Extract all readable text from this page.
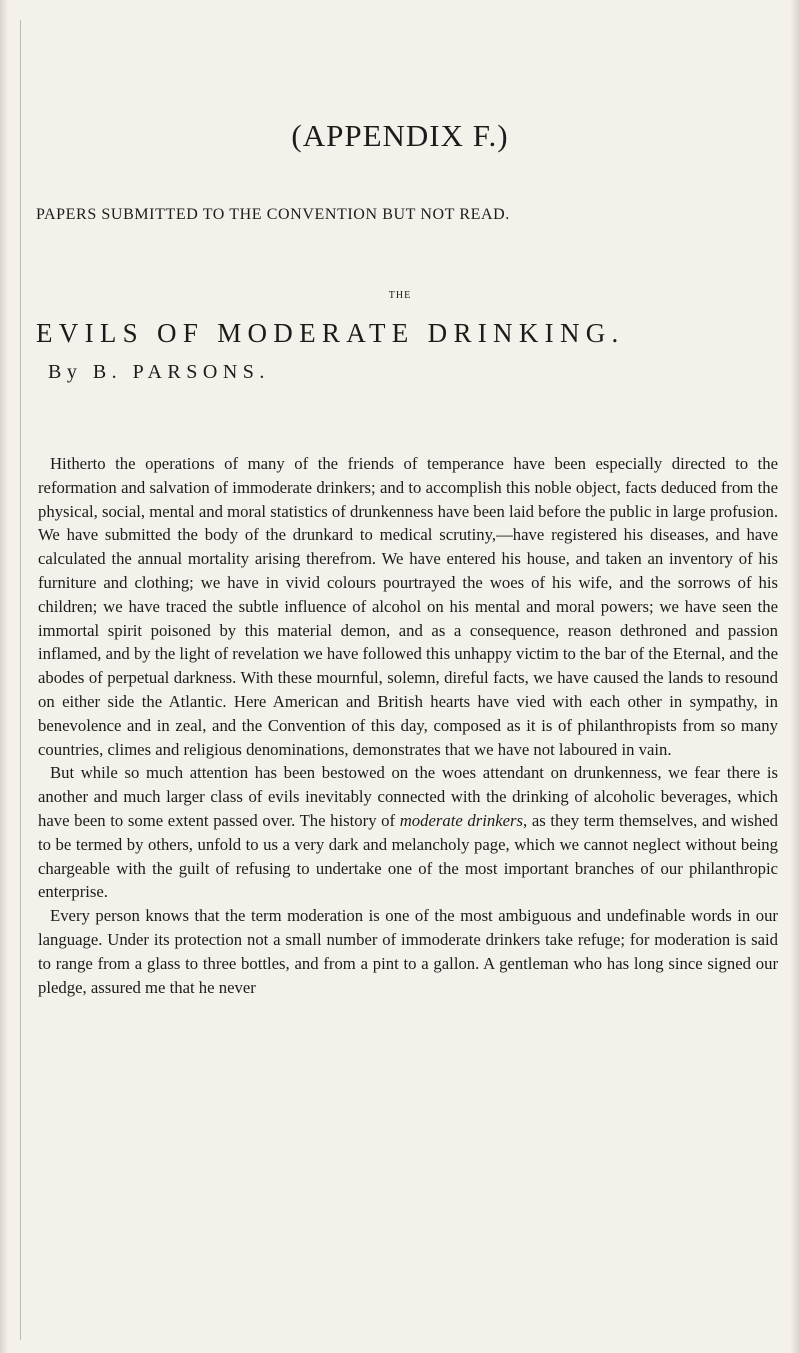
(APPENDIX F.)
PAPERS SUBMITTED TO THE CONVENTION BUT NOT READ.
THE
EVILS OF MODERATE DRINKING.
By B. PARSONS.

Hitherto the operations of many of the friends of temperance have been especially directed to the reformation and salvation of immoderate drinkers; and to accomplish this noble object, facts deduced from the physical, social, mental and moral statistics of drunkenness have been laid before the public in large profusion. We have submitted the body of the drunkard to medical scrutiny,—have registered his diseases, and have calculated the annual mortality arising therefrom. We have entered his house, and taken an inventory of his furniture and clothing; we have in vivid colours pourtrayed the woes of his wife, and the sorrows of his children; we have traced the subtle influence of alcohol on his mental and moral powers; we have seen the immortal spirit poisoned by this material demon, and as a consequence, reason dethroned and passion inflamed, and by the light of revelation we have followed this unhappy victim to the bar of the Eternal, and the abodes of perpetual darkness. With these mournful, solemn, direful facts, we have caused the lands to resound on either side the Atlantic. Here American and British hearts have vied with each other in sympathy, in benevolence and in zeal, and the Convention of this day, composed as it is of philanthropists from so many countries, climes and religious denominations, demonstrates that we have not laboured in vain.

But while so much attention has been bestowed on the woes attendant on drunkenness, we fear there is another and much larger class of evils inevitably connected with the drinking of alcoholic beverages, which have been to some extent passed over. The history of moderate drinkers, as they term themselves, and wished to be termed by others, unfold to us a very dark and melancholy page, which we cannot neglect without being chargeable with the guilt of refusing to undertake one of the most important branches of our philanthropic enterprise.

Every person knows that the term moderation is one of the most ambiguous and undefinable words in our language. Under its protection not a small number of immoderate drinkers take refuge; for moderation is said to range from a glass to three bottles, and from a pint to a gallon. A gentleman who has long since signed our pledge, assured me that he never
